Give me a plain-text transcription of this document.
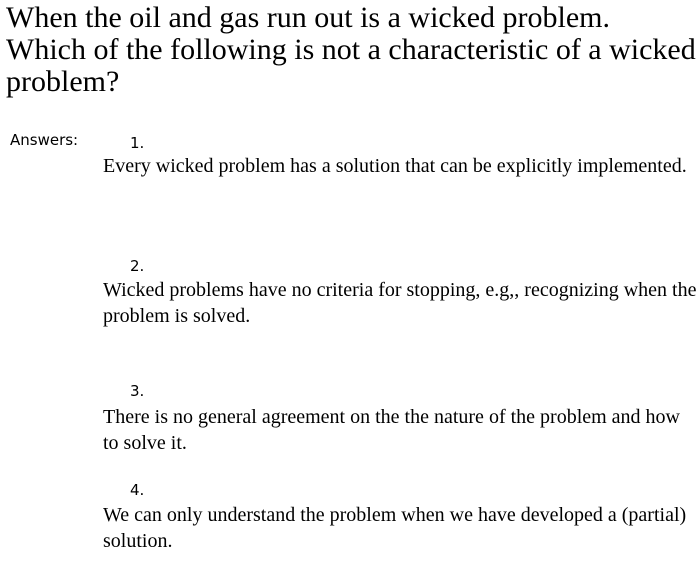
When the oil and gas run out is a wicked problem. Which of the following is not a characteristic of a wicked problem?
Answers:	1.
Every wicked problem has a solution that can be explicitly implemented.
2.
Wicked problems have no criteria for stopping, e.g,, recognizing when the problem is solved.
3.
There is no general agreement on the the nature of the problem and how to solve it.
4.
We can only understand the problem when we have developed a (partial) solution.
